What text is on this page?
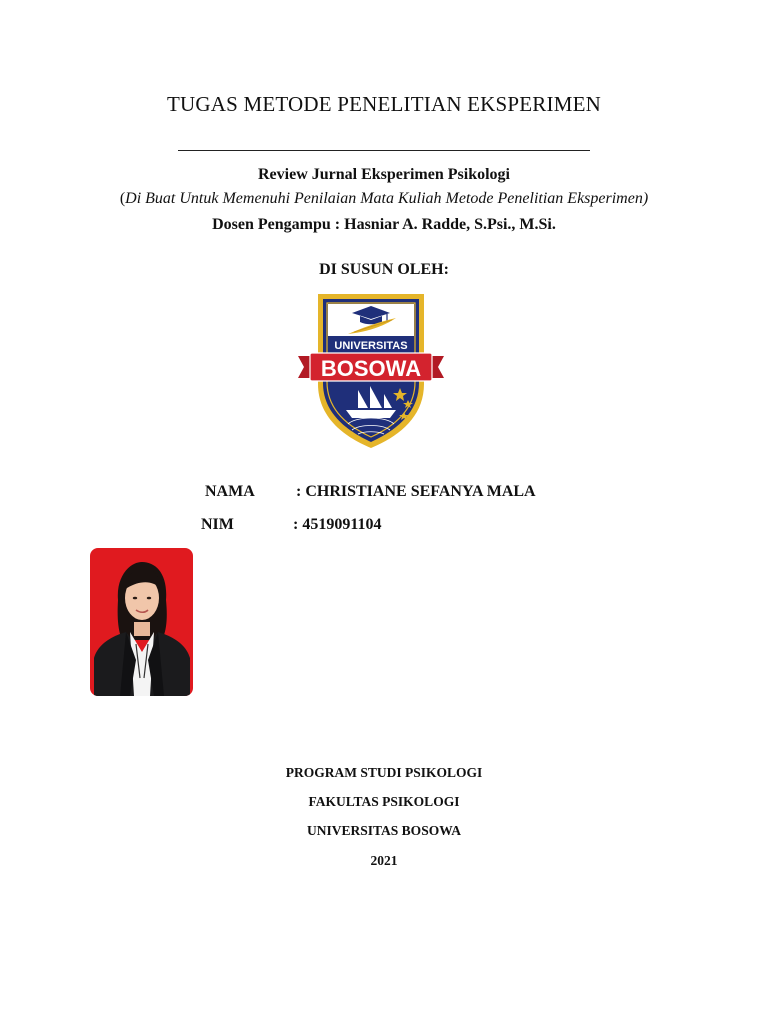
TUGAS METODE PENELITIAN EKSPERIMEN
Review Jurnal Eksperimen Psikologi
(Di Buat Untuk Memenuhi Penilaian Mata Kuliah Metode Penelitian Eksperimen)
Dosen Pengampu : Hasniar A. Radde, S.Psi., M.Si.
DI SUSUN OLEH:
UNIVERSITAS
BOSOWA
NAMA	: CHRISTIANE SEFANYA MALA
NIM	: 4519091104
PROGRAM STUDI PSIKOLOGI
FAKULTAS PSIKOLOGI
UNIVERSITAS BOSOWA
2021
